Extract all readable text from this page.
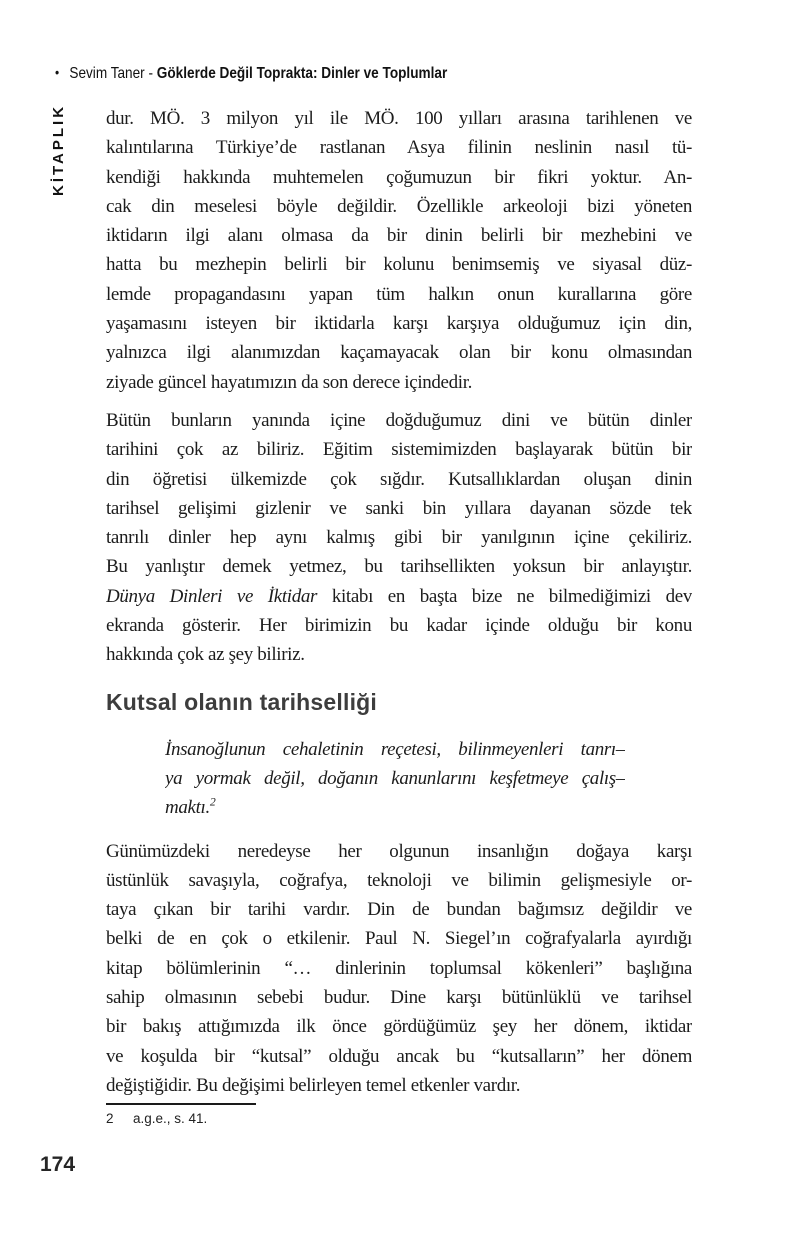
• Sevim Taner - Göklerde Değil Toprakta: Dinler ve Toplumlar
KİTAPLIK dur. MÖ. 3 milyon yıl ile MÖ. 100 yılları arasına tarihlenen ve
kalıntılarına Türkiye’de rastlanan Asya filinin neslinin nasıl tü-
kendiği hakkında muhtemelen çoğumuzun bir fikri yoktur. An-
cak din meselesi böyle değildir. Özellikle arkeoloji bizi yöneten
iktidarın ilgi alanı olmasa da bir dinin belirli bir mezhebini ve
hatta bu mezhepin belirli bir kolunu benimsemiş ve siyasal düz-
lemde propagandasını yapan tüm halkın onun kurallarına göre
yaşamasını isteyen bir iktidarla karşı karşıya olduğumuz için din,
yalnızca ilgi alanımızdan kaçamayacak olan bir konu olmasından
ziyade güncel hayatımızın da son derece içindedir.
Bütün bunların yanında içine doğduğumuz dini ve bütün dinler
tarihini çok az biliriz. Eğitim sistemimizden başlayarak bütün bir
din öğretisi ülkemizde çok sığdır. Kutsallıklardan oluşan dinin
tarihsel gelişimi gizlenir ve sanki bin yıllara dayanan sözde tek
tanrılı dinler hep aynı kalmış gibi bir yanılgının içine çekiliriz.
Bu yanlıştır demek yetmez, bu tarihsellikten yoksun bir anlayıştır.
Dünya Dinleri ve İktidar kitabı en başta bize ne bilmediğimizi dev
ekranda gösterir. Her birimizin bu kadar içinde olduğu bir konu
hakkında çok az şey biliriz.
Kutsal olanın tarihselliği
İnsanoğlunun cehaletinin reçetesi, bilinmeyenleri tanrı–
ya yormak değil, doğanın kanunlarını keşfetmeye çalış–
maktı.$^2$
Günümüzdeki neredeyse her olgunun insanlığın doğaya karşı
üstünlük savaşıyla, coğrafya, teknoloji ve bilimin gelişmesiyle or-
taya çıkan bir tarihi vardır. Din de bundan bağımsız değildir ve
belki de en çok o etkilenir. Paul N. Siegel’ın coğrafyalarla ayırdığı
kitap bölümlerinin “… dinlerinin toplumsal kökenleri” başlığına
sahip olmasının sebebi budur. Dine karşı bütünlüklü ve tarihsel
bir bakış attığımızda ilk önce gördüğümüz şey her dönem, iktidar
ve koşulda bir “kutsal” olduğu ancak bu “kutsalların” her dönem
değiştiğidir. Bu değişimi belirleyen temel etkenler vardır.
2 a.g.e., s. 41.
174
